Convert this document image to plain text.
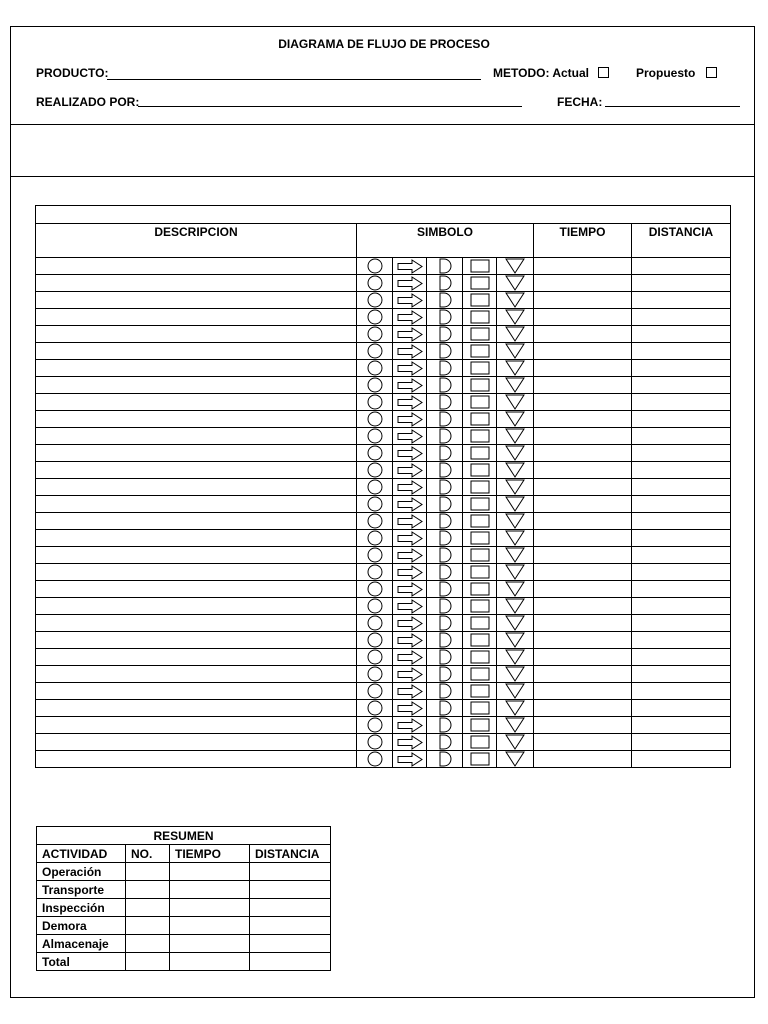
DIAGRAMA DE FLUJO DE PROCESO
PRODUCTO:	METODO: Actual	Propuesto
REALIZADO POR:	FECHA:

DESCRIPCION	SIMBOLO					TIEMPO	DISTANCIA

RESUMEN			
ACTIVIDAD	NO.	TIEMPO	DISTANCIA
Operación			
Transporte			
Inspección			
Demora			
Almacenaje			
Total			
